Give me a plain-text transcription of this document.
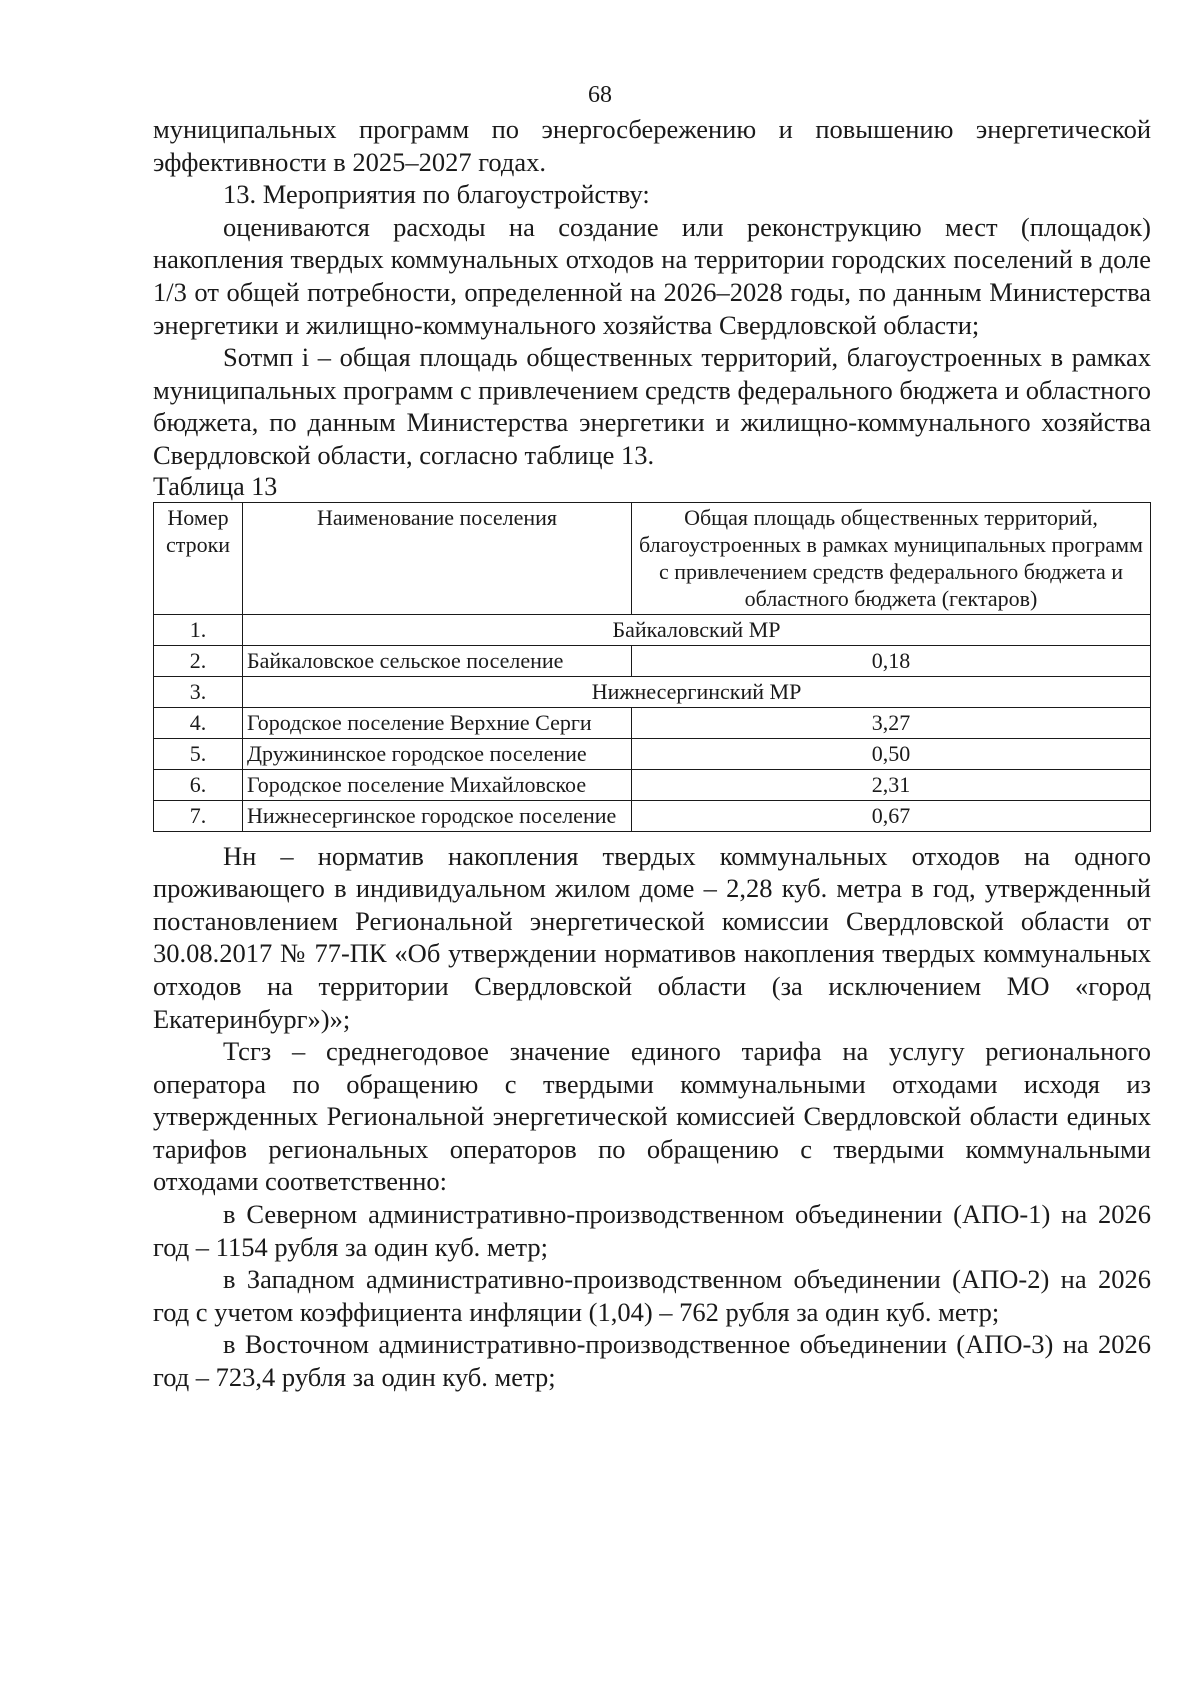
68

муниципальных программ по энергосбережению и повышению энергетической эффективности в 2025–2027 годах.

13. Мероприятия по благоустройству:

оцениваются расходы на создание или реконструкцию мест (площадок) накопления твердых коммунальных отходов на территории городских поселений в доле 1/3 от общей потребности, определенной на 2026–2028 годы, по данным Министерства энергетики и жилищно-коммунального хозяйства Свердловской области;

Sотмп i – общая площадь общественных территорий, благоустроенных в рамках муниципальных программ с привлечением средств федерального бюджета и областного бюджета, по данным Министерства энергетики и жилищно-коммунального хозяйства Свердловской области, согласно таблице 13.

Таблица 13

Номер строки	Наименование поселения	Общая площадь общественных территорий, благоустроенных в рамках муниципальных программ с привлечением средств федерального бюджета и областного бюджета (гектаров)
1.	Байкаловский МР	
2.	Байкаловское сельское поселение	0,18
3.	Нижнесергинский МР	
4.	Городское поселение Верхние Серги	3,27
5.	Дружининское городское поселение	0,50
6.	Городское поселение Михайловское	2,31
7.	Нижнесергинское городское поселение	0,67

Нн – норматив накопления твердых коммунальных отходов на одного проживающего в индивидуальном жилом доме – 2,28 куб. метра в год, утвержденный постановлением Региональной энергетической комиссии Свердловской области от 30.08.2017 № 77-ПК «Об утверждении нормативов накопления твердых коммунальных отходов на территории Свердловской области (за исключением МО «город Екатеринбург»)»;

Тсгз – среднегодовое значение единого тарифа на услугу регионального оператора по обращению с твердыми коммунальными отходами исходя из утвержденных Региональной энергетической комиссией Свердловской области единых тарифов региональных операторов по обращению с твердыми коммунальными отходами соответственно:

в Северном административно-производственном объединении (АПО-1) на 2026 год – 1154 рубля за один куб. метр;

в Западном административно-производственном объединении (АПО-2) на 2026 год с учетом коэффициента инфляции (1,04) – 762 рубля за один куб. метр;

в Восточном административно-производственное объединении (АПО-3) на 2026 год – 723,4 рубля за один куб. метр;
